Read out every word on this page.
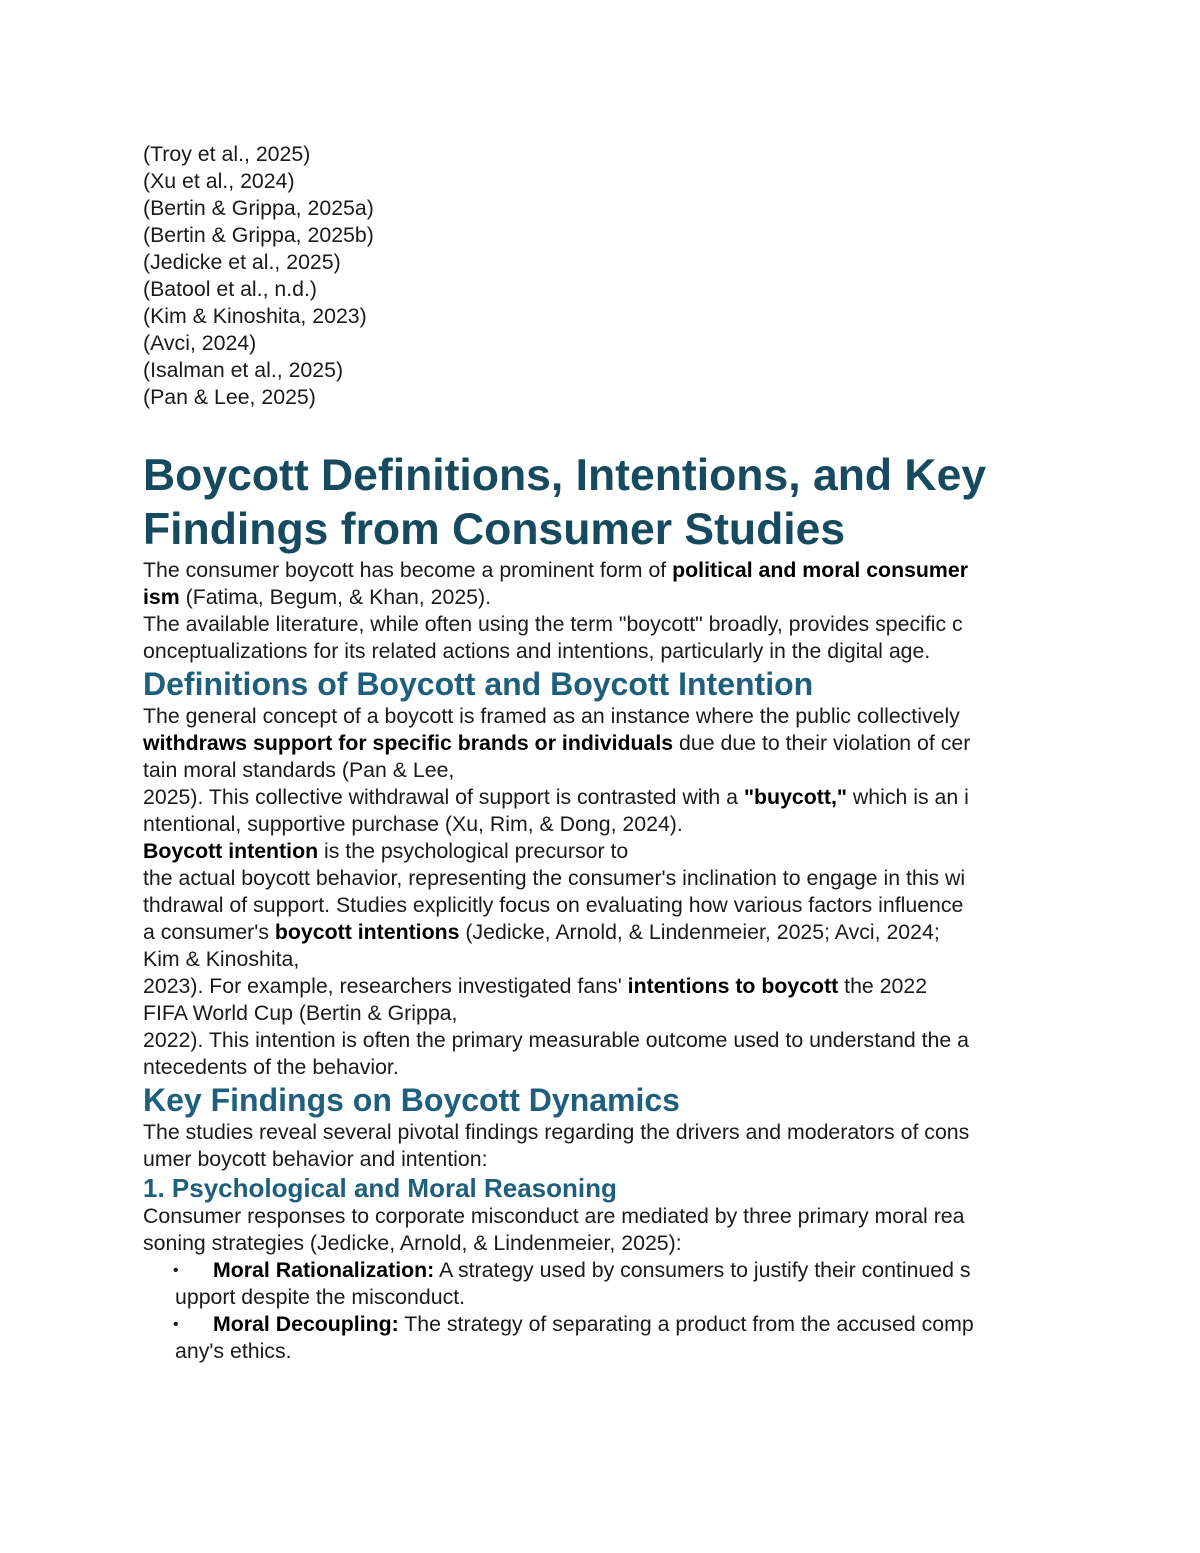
(Troy et al., 2025)
(Xu et al., 2024)
(Bertin & Grippa, 2025a)
(Bertin & Grippa, 2025b)
(Jedicke et al., 2025)
(Batool et al., n.d.)
(Kim & Kinoshita, 2023)
(Avci, 2024)
(Isalman et al., 2025)
(Pan & Lee, 2025)
Boycott Definitions, Intentions, and Key
Findings from Consumer Studies
The consumer boycott has become a prominent form of political and moral consumer
ism (Fatima, Begum, & Khan, 2025).
The available literature, while often using the term "boycott" broadly, provides specific c
onceptualizations for its related actions and intentions, particularly in the digital age.
Definitions of Boycott and Boycott Intention
The general concept of a boycott is framed as an instance where the public collectively
withdraws support for specific brands or individuals due due to their violation of cer
tain moral standards (Pan & Lee,
2025). This collective withdrawal of support is contrasted with a "buycott," which is an i
ntentional, supportive purchase (Xu, Rim, & Dong, 2024).
Boycott intention is the psychological precursor to
the actual boycott behavior, representing the consumer's inclination to engage in this wi
thdrawal of support. Studies explicitly focus on evaluating how various factors influence
a consumer's boycott intentions (Jedicke, Arnold, & Lindenmeier, 2025; Avci, 2024;
Kim & Kinoshita,
2023). For example, researchers investigated fans' intentions to boycott the 2022
FIFA World Cup (Bertin & Grippa,
2022). This intention is often the primary measurable outcome used to understand the a
ntecedents of the behavior.
Key Findings on Boycott Dynamics
The studies reveal several pivotal findings regarding the drivers and moderators of cons
umer boycott behavior and intention:
1. Psychological and Moral Reasoning
Consumer responses to corporate misconduct are mediated by three primary moral rea
soning strategies (Jedicke, Arnold, & Lindenmeier, 2025):
• Moral Rationalization: A strategy used by consumers to justify their continued s
upport despite the misconduct.
• Moral Decoupling: The strategy of separating a product from the accused comp
any's ethics.
